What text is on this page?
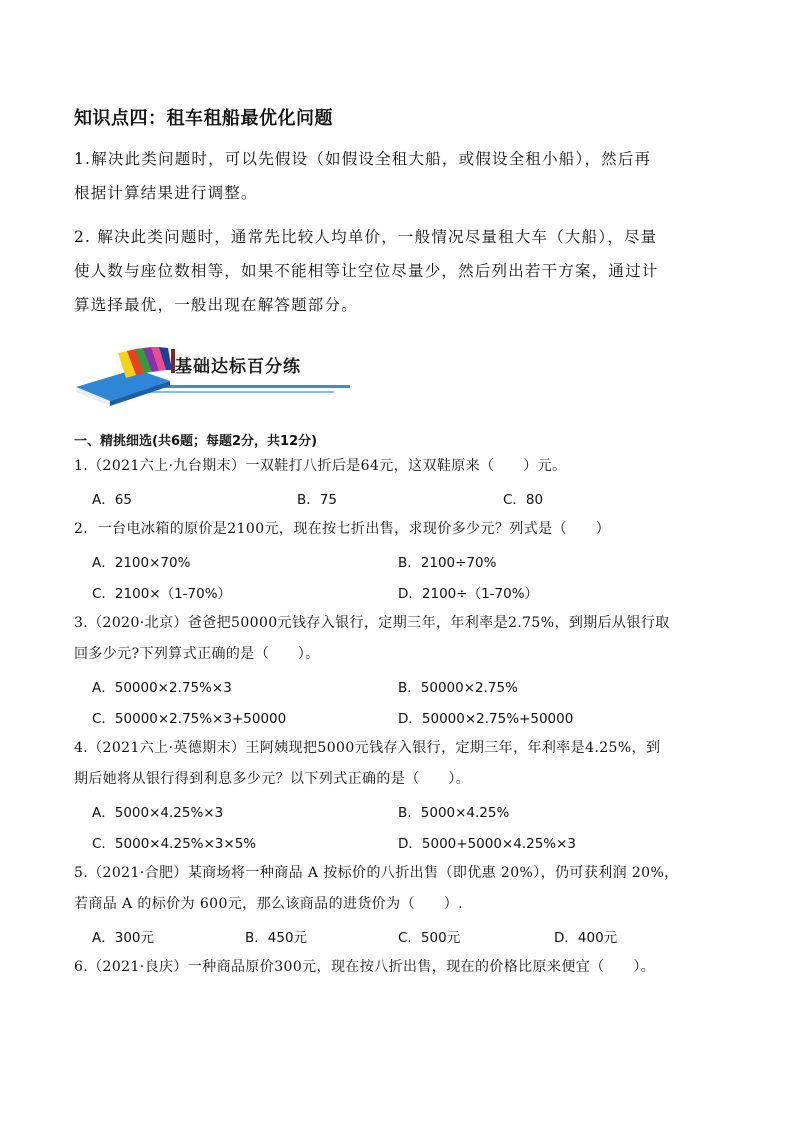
知识点四：租车租船最优化问题
1.解决此类问题时，可以先假设（如假设全租大船，或假设全租小船），然后再
根据计算结果进行调整。
2. 解决此类问题时，通常先比较人均单价，一般情况尽量租大车（大船），尽量
使人数与座位数相等，如果不能相等让空位尽量少，然后列出若干方案，通过计
算选择最优，一般出现在解答题部分。
基础达标百分练
一、精挑细选(共6题；每题2分，共12分)
1.（2021六上·九台期末）一双鞋打八折后是64元，这双鞋原来（　　）元。
A．65	B．75	C．80
2．一台电冰箱的原价是2100元，现在按七折出售，求现价多少元？列式是（　　）
A．2100×70%	B．2100÷70%
C．2100×（1-70%）	D．2100÷（1-70%）
3.（2020·北京）爸爸把50000元钱存入银行，定期三年，年利率是2.75%，到期后从银行取
回多少元?下列算式正确的是（　　）。
A．50000×2.75%×3	B．50000×2.75%
C．50000×2.75%×3+50000	D．50000×2.75%+50000
4.（2021六上·英德期末）王阿姨现把5000元钱存入银行，定期三年，年利率是4.25%，到
期后她将从银行得到利息多少元？以下列式正确的是（　　）。
A．5000×4.25%×3	B．5000×4.25%
C．5000×4.25%×3×5%	D．5000+5000×4.25%×3
5.（2021·合肥）某商场将一种商品 A 按标价的八折出售（即优惠 20%），仍可获利润 20%，
若商品 A 的标价为 600元，那么该商品的进货价为（　　）.
A．300元	B．450元	C．500元	D．400元
6.（2021·良庆）一种商品原价300元，现在按八折出售，现在的价格比原来便宜（　　）。
